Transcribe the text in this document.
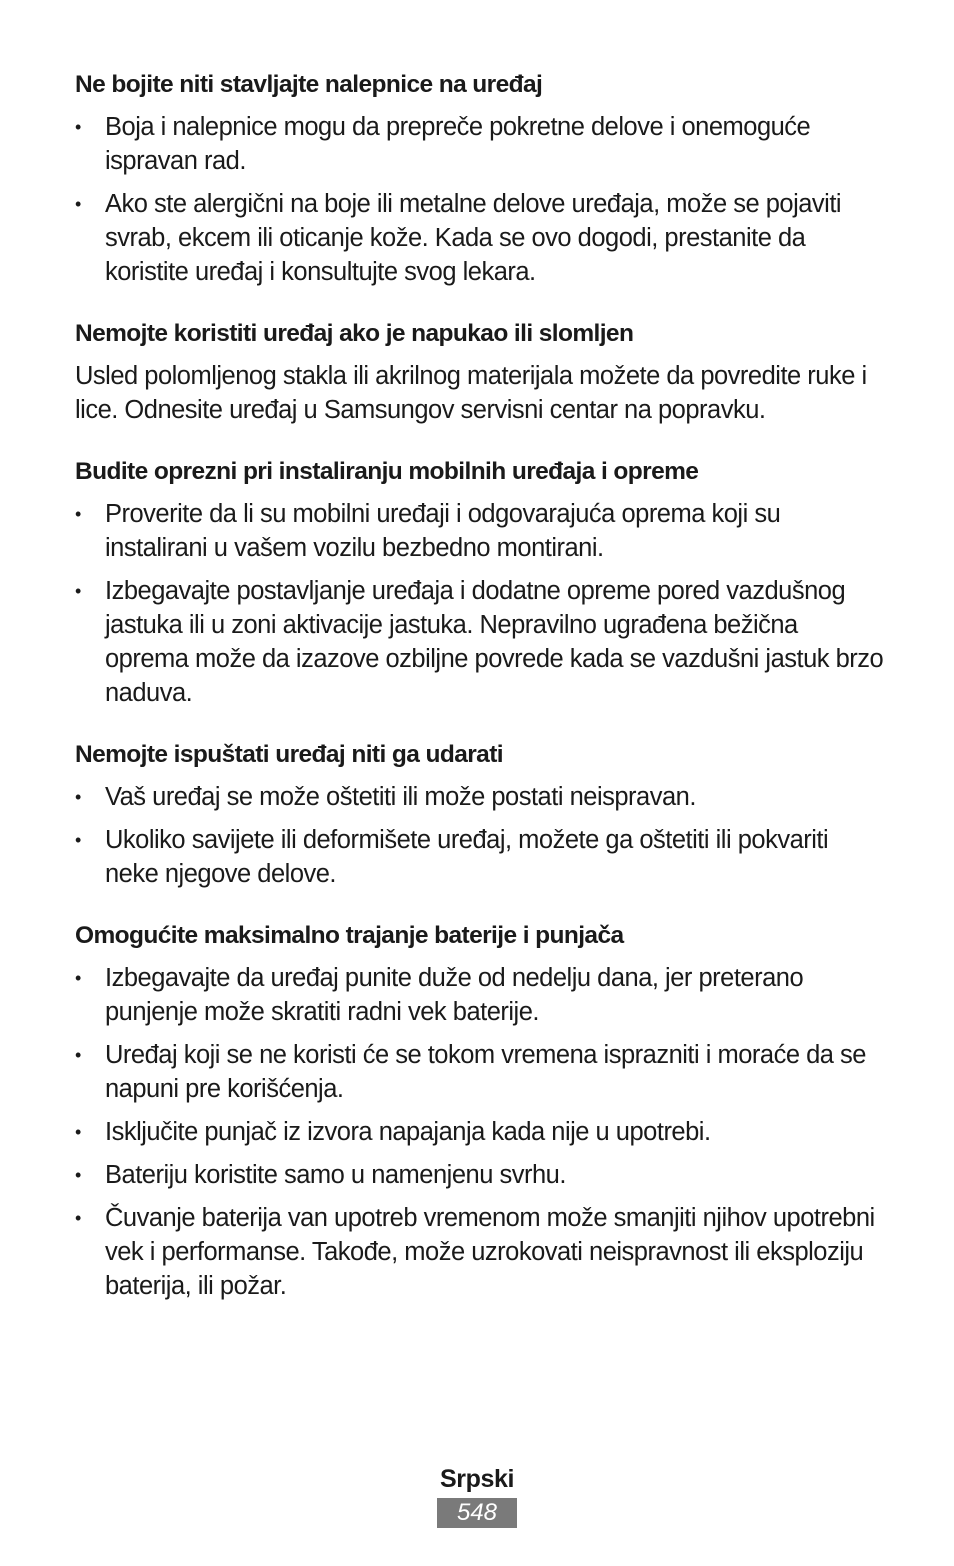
Ne bojite niti stavljajte nalepnice na uređaj
• Boja i nalepnice mogu da prepreče pokretne delove i onemoguće ispravan rad.
• Ako ste alergični na boje ili metalne delove uređaja, može se pojaviti svrab, ekcem ili oticanje kože. Kada se ovo dogodi, prestanite da koristite uređaj i konsultujte svog lekara.
Nemojte koristiti uređaj ako je napukao ili slomljen

Usled polomljenog stakla ili akrilnog materijala možete da povredite ruke i lice. Odnesite uređaj u Samsungov servisni centar na popravku.

Budite oprezni pri instaliranju mobilnih uređaja i opreme
• Proverite da li su mobilni uređaji i odgovarajuća oprema koji su instalirani u vašem vozilu bezbedno montirani.
• Izbegavajte postavljanje uređaja i dodatne opreme pored vazdušnog jastuka ili u zoni aktivacije jastuka. Nepravilno ugrađena bežična oprema može da izazove ozbiljne povrede kada se vazdušni jastuk brzo naduva.
Nemojte ispuštati uređaj niti ga udarati
• Vaš uređaj se može oštetiti ili može postati neispravan.
• Ukoliko savijete ili deformišete uređaj, možete ga oštetiti ili pokvariti neke njegove delove.
Omogućite maksimalno trajanje baterije i punjača
• Izbegavajte da uređaj punite duže od nedelju dana, jer preterano punjenje može skratiti radni vek baterije.
• Uređaj koji se ne koristi će se tokom vremena isprazniti i moraće da se napuni pre korišćenja.
• Isključite punjač iz izvora napajanja kada nije u upotrebi.
• Bateriju koristite samo u namenjenu svrhu.
• Čuvanje baterija van upotreb vremenom može smanjiti njihov upotrebni vek i performanse. Takođe, može uzrokovati neispravnost ili eksploziju baterija, ili požar.
Srpski
548
